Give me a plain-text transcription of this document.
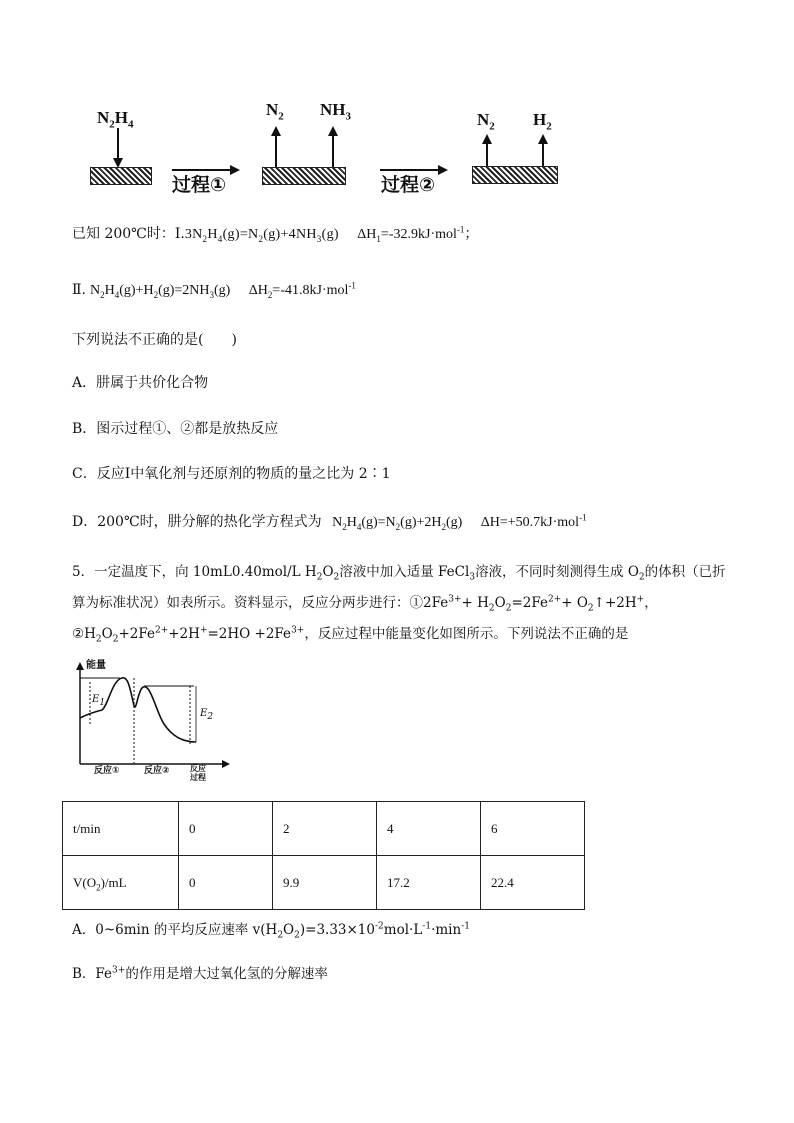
$N_2H_4$
过程①
$N_2$ $NH_3$
过程②
$N_2$ $H_2$
已知 200℃时：$Ⅰ.3N_2H_4(g)=N_2(g)+4NH_3(g)$ $\Delta H_1=-32.9kJ\cdot mol^{-1}$；
Ⅱ. $N_2H_4(g)+H_2(g)=2NH_3(g)$ $\Delta H_2=-41.8kJ\cdot mol^{-1}$
下列说法不正确的是(　　)
A．肼属于共价化合物
B．图示过程①、②都是放热反应
C．反应Ⅰ中氧化剂与还原剂的物质的量之比为 2∶1
D．200℃时，肼分解的热化学方程式为 $N_2H_4(g)=N_2(g)+2H_2(g)$ ΔH=+50.7kJ·mol$^{-1}$
5．一定温度下，向 10mL0.40mol/L $H_2O_2$溶液中加入适量 FeCl$_3$溶液，不同时刻测得生成 $O_2$的体积（已折
算为标准状况）如表所示。资料显示，反应分两步进行：$①2Fe^{3+}+ H_2O_2=2Fe^{2+}+$ $O_2↑+2H^+$，
$②H_2O_2+2Fe^{2+}+2H^+=2HO +2Fe^{3+}$，反应过程中能量变化如图所示。下列说法不正确的是
能量
$E_1$
$E_2$
反应①	反应②	反应
过程
t/min	0	2	4	6
$V(O_2)/mL$	0	9.9	17.2	22.4
A．0~6min 的平均反应速率 $v(H_2O_2)=3.33\times 10^{-2}mol\cdot L^{-1}\cdot\min^{-1}$
B．$Fe^{3+}$的作用是增大过氧化氢的分解速率
